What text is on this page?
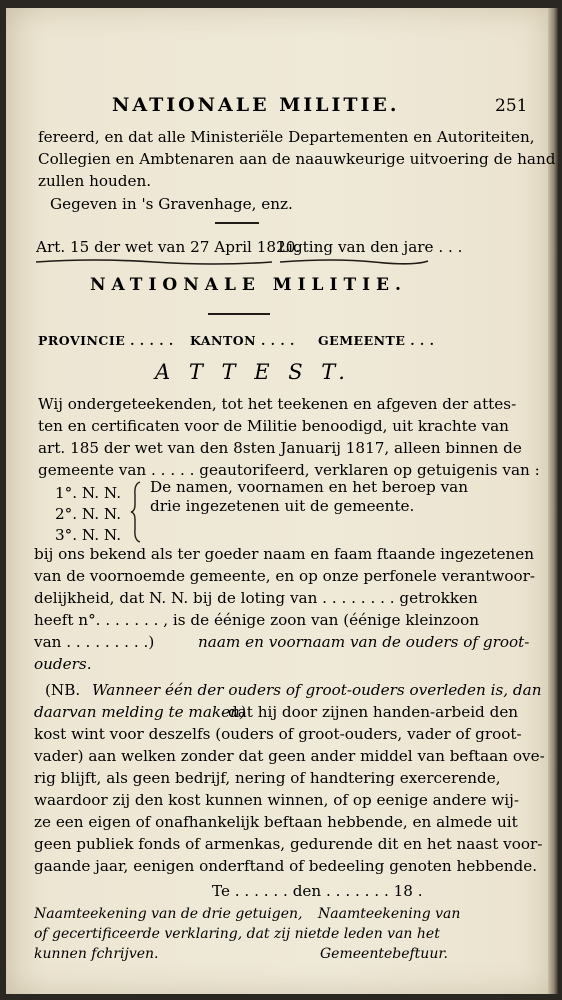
NATIONALE MILITIE.	251
fereerd, en dat alle Ministeriële Departementen en Autoriteiten,
Collegien en Ambtenaren aan de naauwkeurige uitvoering de hand
zullen houden.
Gegeven in 's Gravenhage, enz.
Art. 15 der wet van 27 April 1820.
Ligting van den jare . . .
NATIONALE MILITIE.
PROVINCIE . . . . . KANTON . . . . GEMEENTE . . .
A T T E S T.
Wij ondergeteekenden, tot het teekenen en afgeven der attes-
ten en certificaten voor de Militie benoodigd, uit krachte van
art. 185 der wet van den 8sten Januarij 1817, alleen binnen de
gemeente van . . . . . geautorifeerd, verklaren op getuigenis van :
1°. N. N.
2°. N. N.
3°. N. N.
De namen, voornamen en het beroep van
drie ingezetenen uit de gemeente.
bij ons bekend als ter goeder naam en faam ftaande ingezetenen
van de voornoemde gemeente, en op onze perfonele verantwoor-
delijkheid, dat N. N. bij de loting van . . . . . . . . getrokken
heeft n°. . . . . . . , is de éénige zoon van (éénige kleinzoon
van . . . . . . . . .)	naam en voornaam van de ouders of groot-
ouders.
(NB. Wanneer één der ouders of groot-ouders overleden is, dan
daarvan melding te maken)
dat hij door zijnen handen-arbeid den
kost wint voor deszelfs (ouders of groot-ouders, vader of groot-
vader) aan welken zonder dat geen ander middel van beftaan ove-
rig blijft, als geen bedrijf, nering of handtering exercerende,
waardoor zij den kost kunnen winnen, of op eenige andere wij-
ze een eigen of onafhankelijk beftaan hebbende, en almede uit
geen publiek fonds of armenkas, gedurende dit en het naast voor-
gaande jaar, eenigen onderftand of bedeeling genoten hebbende.
Te . . . . . . den . . . . . . . 18 .
Naamteekening van de drie getuigen,
of gecertificeerde verklaring, dat zij niet
kunnen fchrijven.
Naamteekening van
de leden van het
Gemeentebeftuur.
